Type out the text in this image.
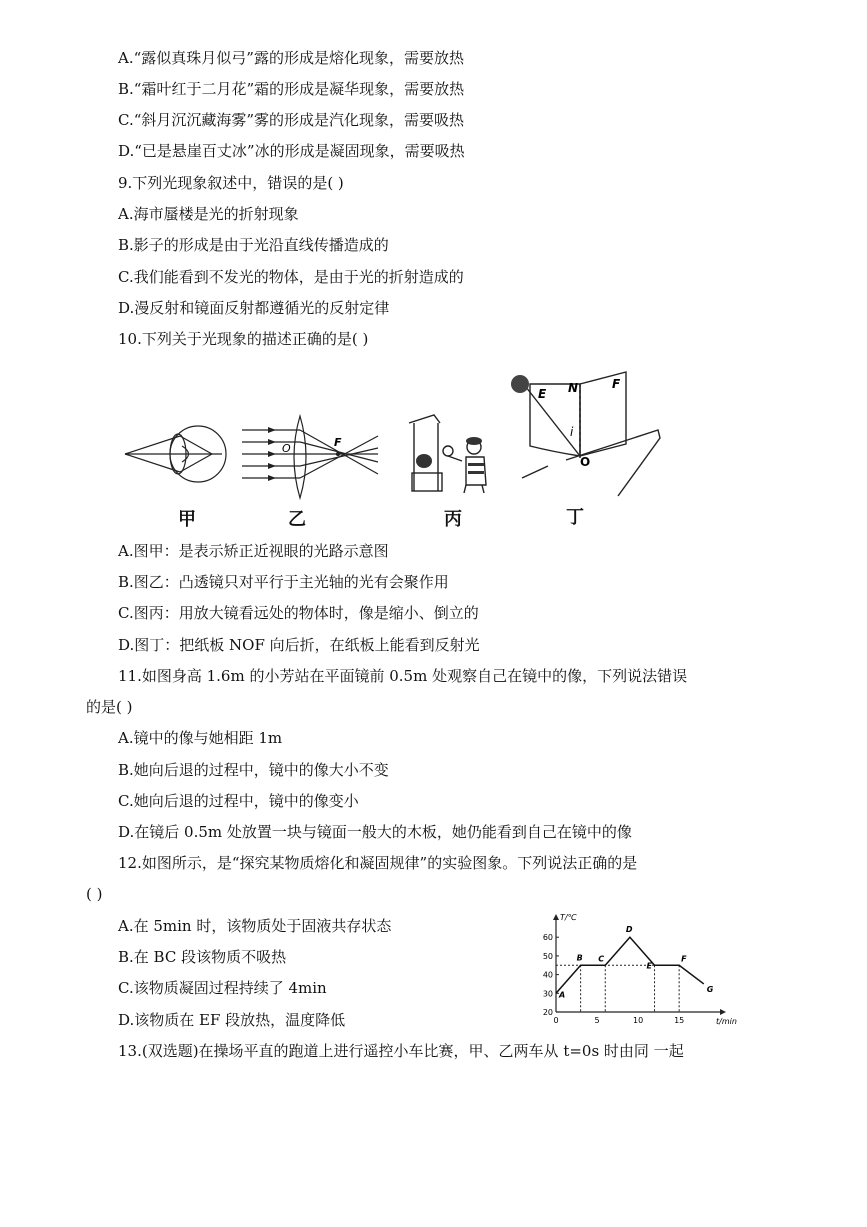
A.“露似真珠月似弓”露的形成是熔化现象，需要放热
B.“霜叶红于二月花”霜的形成是凝华现象，需要放热
C.“斜月沉沉藏海雾”雾的形成是汽化现象，需要吸热
D.“已是悬崖百丈冰”冰的形成是凝固现象，需要吸热
9.下列光现象叙述中，错误的是( )
A.海市蜃楼是光的折射现象
B.影子的形成是由于光沿直线传播造成的
C.我们能看到不发光的物体，是由于光的折射造成的
D.漫反射和镜面反射都遵循光的反射定律
10.下列关于光现象的描述正确的是( )
甲
O	F
乙	丙
E N	F
i
O
丁
A.图甲：是表示矫正近视眼的光路示意图
B.图乙：凸透镜只对平行于主光轴的光有会聚作用
C.图丙：用放大镜看远处的物体时，像是缩小、倒立的
D.图丁：把纸板 NOF 向后折，在纸板上能看到反射光
11.如图身高 1.6m 的小芳站在平面镜前 0.5m 处观察自己在镜中的像，下列说法错误
的是( )
A.镜中的像与她相距 1m
B.她向后退的过程中，镜中的像大小不变
C.她向后退的过程中，镜中的像变小
D.在镜后 0.5m 处放置一块与镜面一般大的木板，她仍能看到自己在镜中的像
12.如图所示，是“探究某物质熔化和凝固规律”的实验图象。下列说法正确的是
( )
A.在 5min 时，该物质处于固液共存状态
B.在 BC 段该物质不吸热
C.该物质凝固过程持续了 4min
D.该物质在 EF 段放热，温度降低
T/℃
t/min
20
30
40
50
60
0	5	10	15
A
B C
D
E
F
G
13.(双选题)在操场平直的跑道上进行遥控小车比赛，甲、乙两车从 t=0s 时由同 一起
